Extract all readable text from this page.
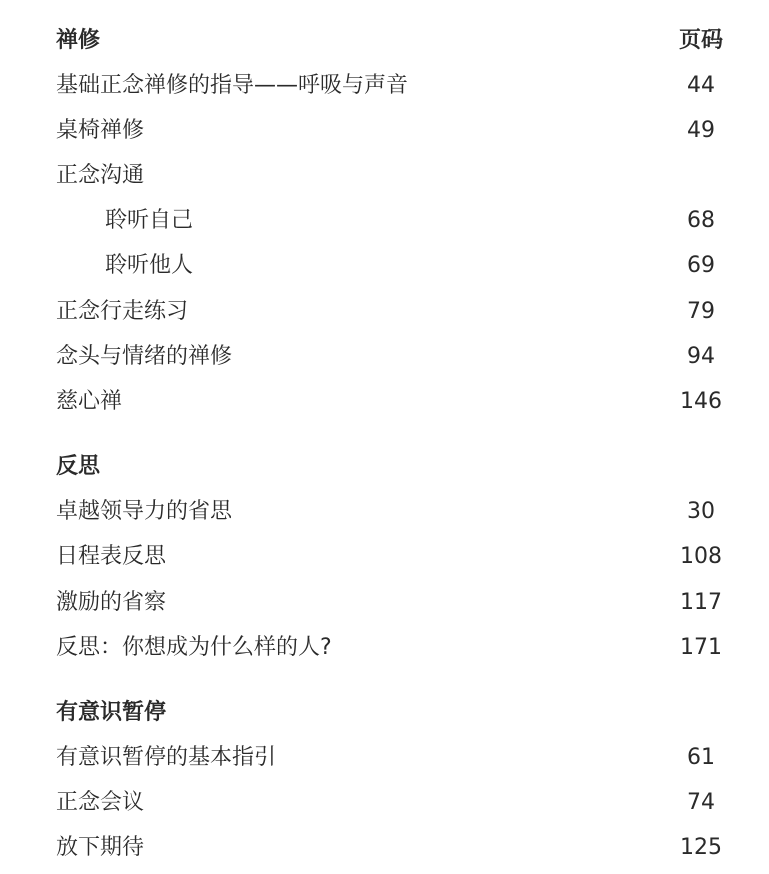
禅修	页码
基础正念禅修的指导——呼吸与声音	44
桌椅禅修	49
正念沟通
聆听自己	68
聆听他人	69
正念行走练习	79
念头与情绪的禅修	94
慈心禅	146
反思
卓越领导力的省思	30
日程表反思	108
激励的省察	117
反思：你想成为什么样的人?	171
有意识暂停
有意识暂停的基本指引	61
正念会议	74
放下期待	125
